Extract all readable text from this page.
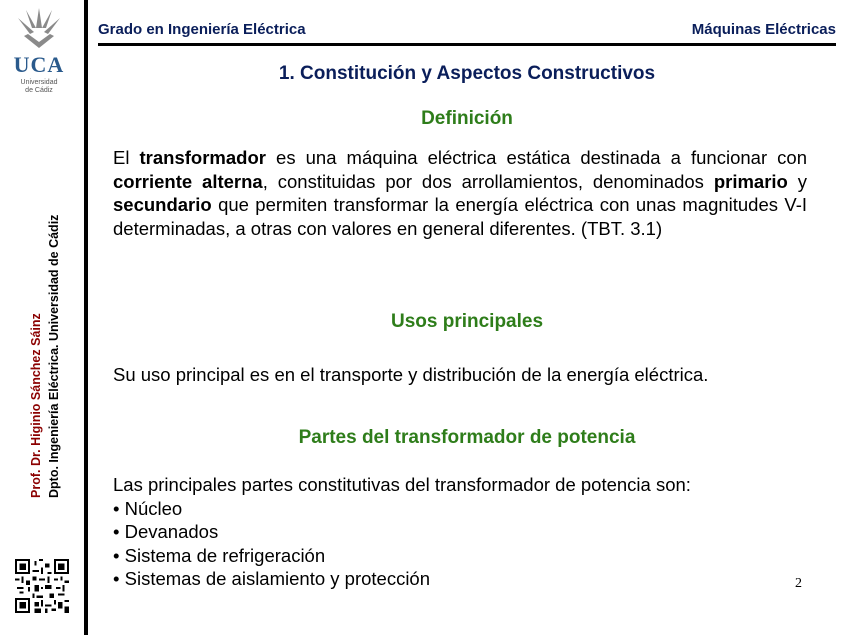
UCA
Universidad
de Cádiz
Prof. Dr. Higinio Sánchez Sáinz Dpto. Ingeniería Eléctrica. Universidad de Cádiz
Grado en Ingeniería Eléctrica	Máquinas Eléctricas
1. Constitución y Aspectos Constructivos
Definición
El transformador es una máquina eléctrica estática destinada a funcionar con corriente alterna, constituidas por dos arrollamientos, denominados primario y secundario que permiten transformar la energía eléctrica con unas magnitudes V-I determinadas, a otras con valores en general diferentes. (TBT. 3.1)
Usos principales
Su uso principal es en el transporte y distribución de la energía eléctrica.
Partes del transformador de potencia
Las principales partes constitutivas del transformador de potencia son:
• Núcleo
• Devanados
• Sistema de refrigeración
• Sistemas de aislamiento y protección	2
